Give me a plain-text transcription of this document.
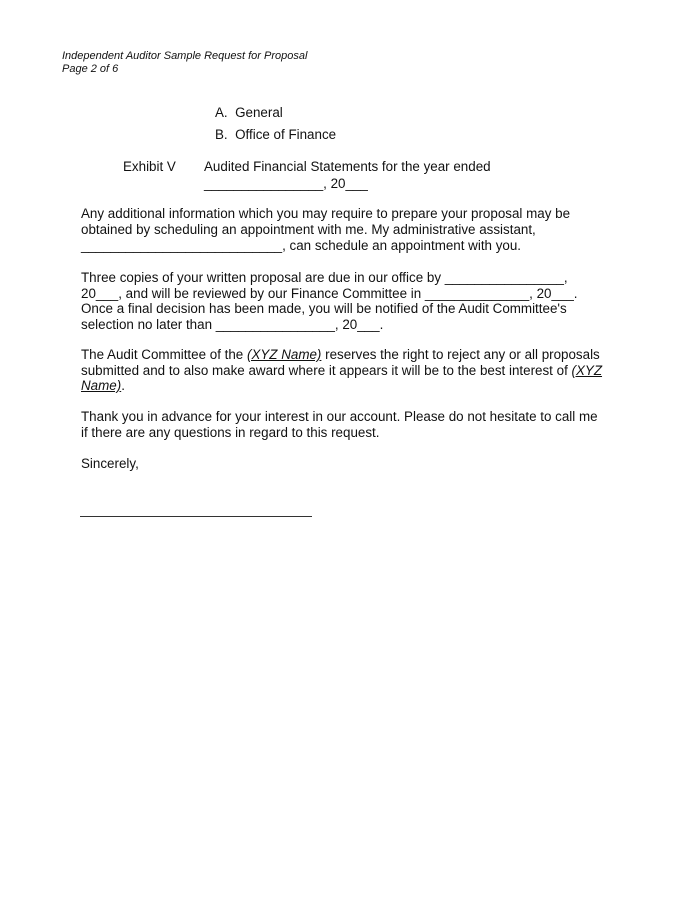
Independent Auditor Sample Request for Proposal
Page 2 of 6
A. General
B. Office of Finance
Exhibit V Audited Financial Statements for the year ended
________________, 20___
Any additional information which you may require to prepare your proposal may be
obtained by scheduling an appointment with me. My administrative assistant,
___________________________, can schedule an appointment with you.
Three copies of your written proposal are due in our office by ________________,
20___, and will be reviewed by our Finance Committee in ______________, 20___.
Once a final decision has been made, you will be notified of the Audit Committee's
selection no later than ________________, 20___.
The Audit Committee of the (XYZ Name) reserves the right to reject any or all proposals
submitted and to also make award where it appears it will be to the best interest of (XYZ
Name).
Thank you in advance for your interest in our account. Please do not hesitate to call me
if there are any questions in regard to this request.
Sincerely,
